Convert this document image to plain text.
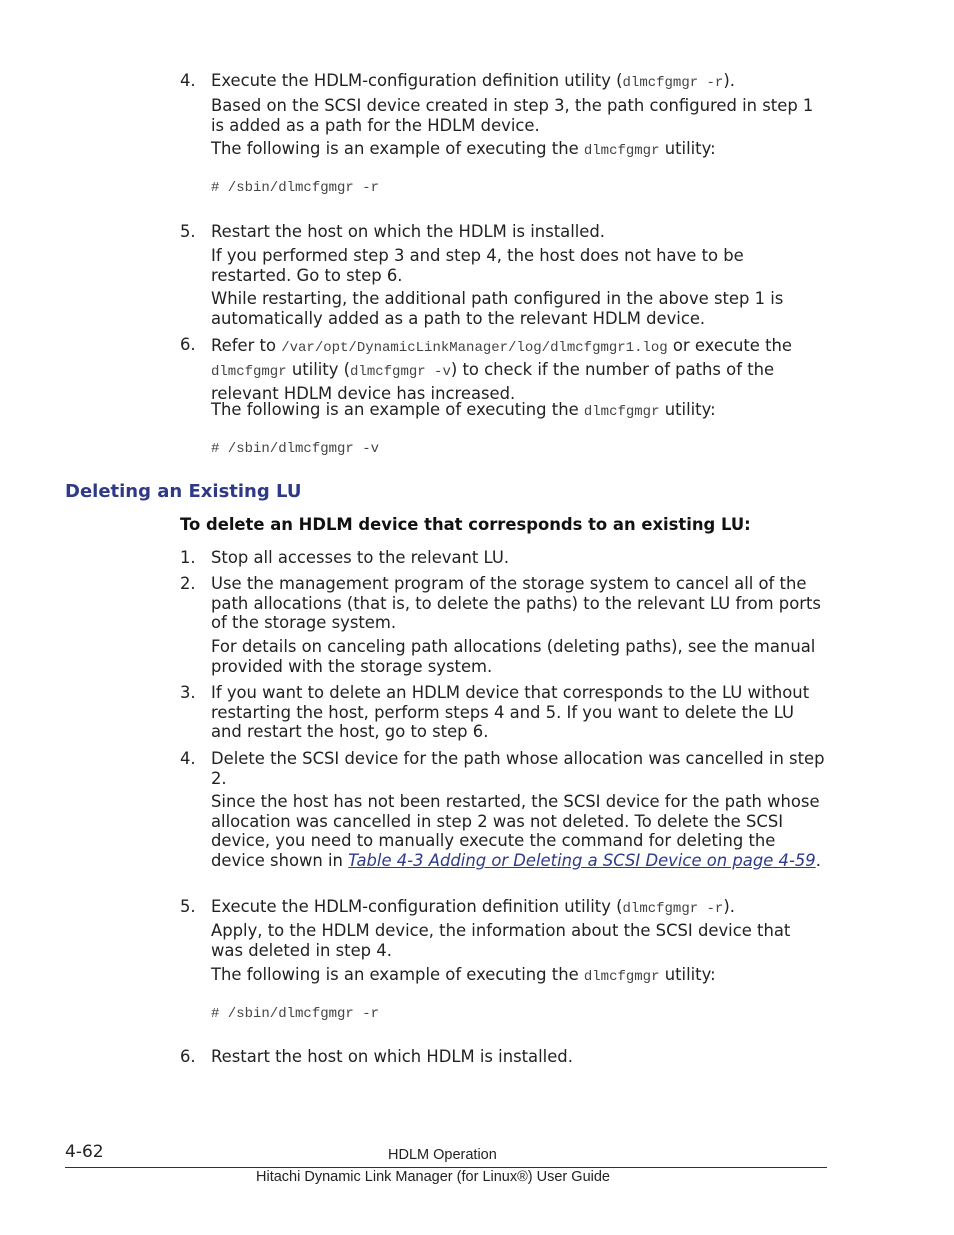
4. Execute the HDLM-configuration definition utility (dlmcfgmgr -r).

Based on the SCSI device created in step 3, the path configured in step 1 is added as a path for the HDLM device.

The following is an example of executing the dlmcfgmgr utility:

# /sbin/dlmcfgmgr -r
5. Restart the host on which the HDLM is installed.

If you performed step 3 and step 4, the host does not have to be restarted. Go to step 6.

While restarting, the additional path configured in the above step 1 is automatically added as a path to the relevant HDLM device.

6. Refer to /var/opt/DynamicLinkManager/log/dlmcfgmgr1.log or execute the dlmcfgmgr utility (dlmcfgmgr -v) to check if the number of paths of the relevant HDLM device has increased.

The following is an example of executing the dlmcfgmgr utility:

# /sbin/dlmcfgmgr -v
Deleting an Existing LU
To delete an HDLM device that corresponds to an existing LU:
1. Stop all accesses to the relevant LU.

2. Use the management program of the storage system to cancel all of the path allocations (that is, to delete the paths) to the relevant LU from ports of the storage system.

For details on canceling path allocations (deleting paths), see the manual provided with the storage system.

3. If you want to delete an HDLM device that corresponds to the LU without restarting the host, perform steps 4 and 5. If you want to delete the LU and restart the host, go to step 6.

4. Delete the SCSI device for the path whose allocation was cancelled in step 2.

Since the host has not been restarted, the SCSI device for the path whose allocation was cancelled in step 2 was not deleted. To delete the SCSI device, you need to manually execute the command for deleting the device shown in Table 4-3 Adding or Deleting a SCSI Device on page 4-59.

5. Execute the HDLM-configuration definition utility (dlmcfgmgr -r).

Apply, to the HDLM device, the information about the SCSI device that was deleted in step 4.

The following is an example of executing the dlmcfgmgr utility:

# /sbin/dlmcfgmgr -r
6. Restart the host on which HDLM is installed.

4-62	HDLM Operation
Hitachi Dynamic Link Manager (for Linux®) User Guide
